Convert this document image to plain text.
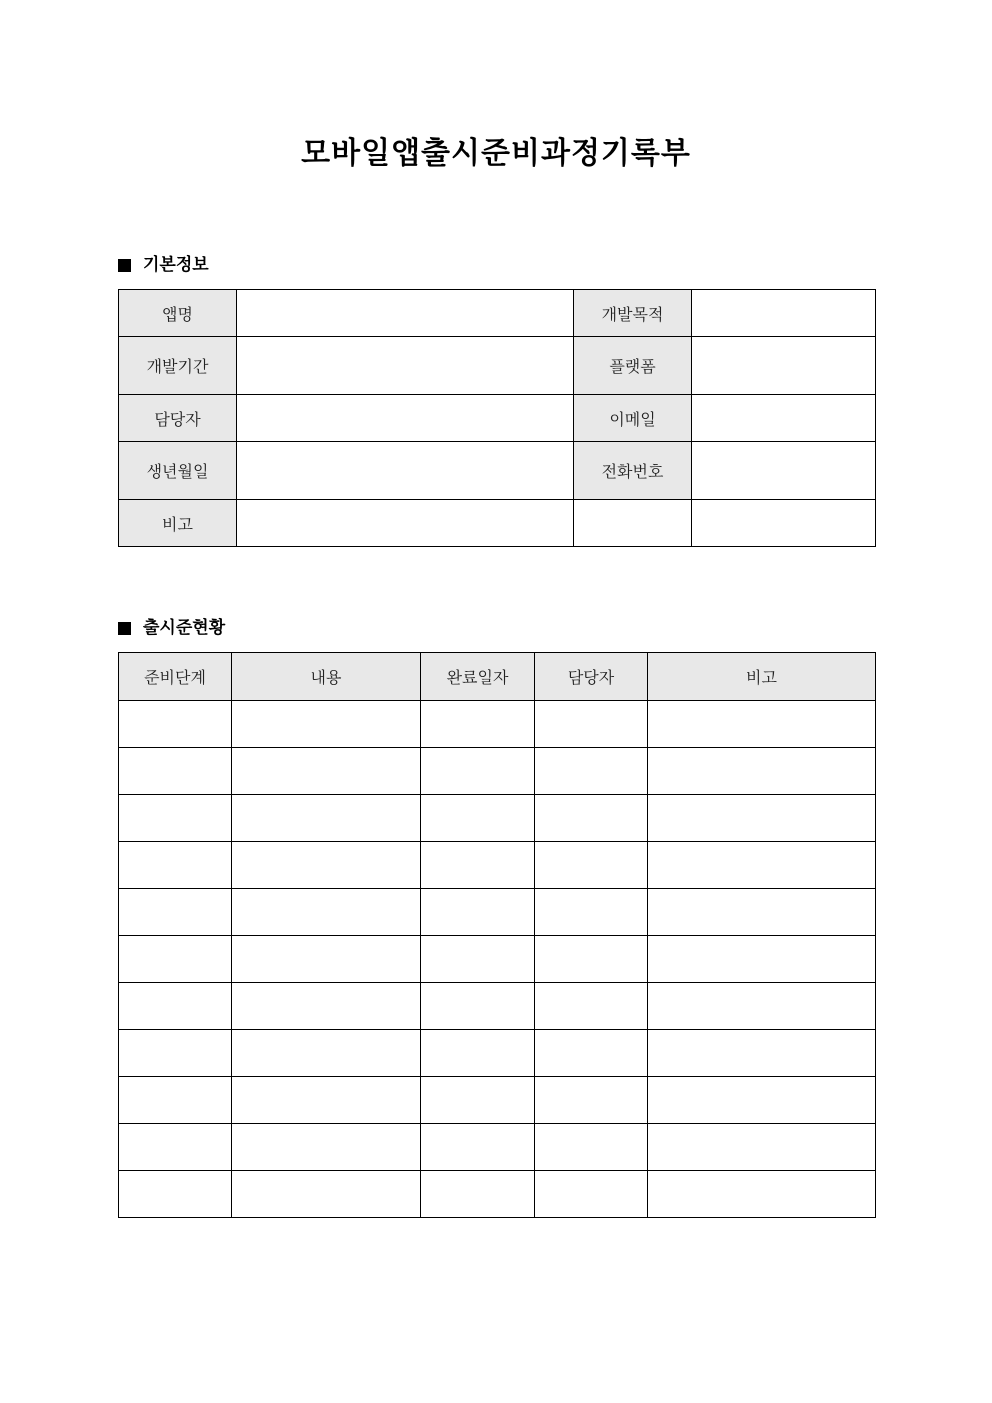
모바일앱출시준비과정기록부
기본정보
앱명		개발목적	
개발기간		플랫폼	
담당자		이메일	
생년월일		전화번호	
비고			
출시준현황
준비단계	내용	완료일자	담당자	비고
